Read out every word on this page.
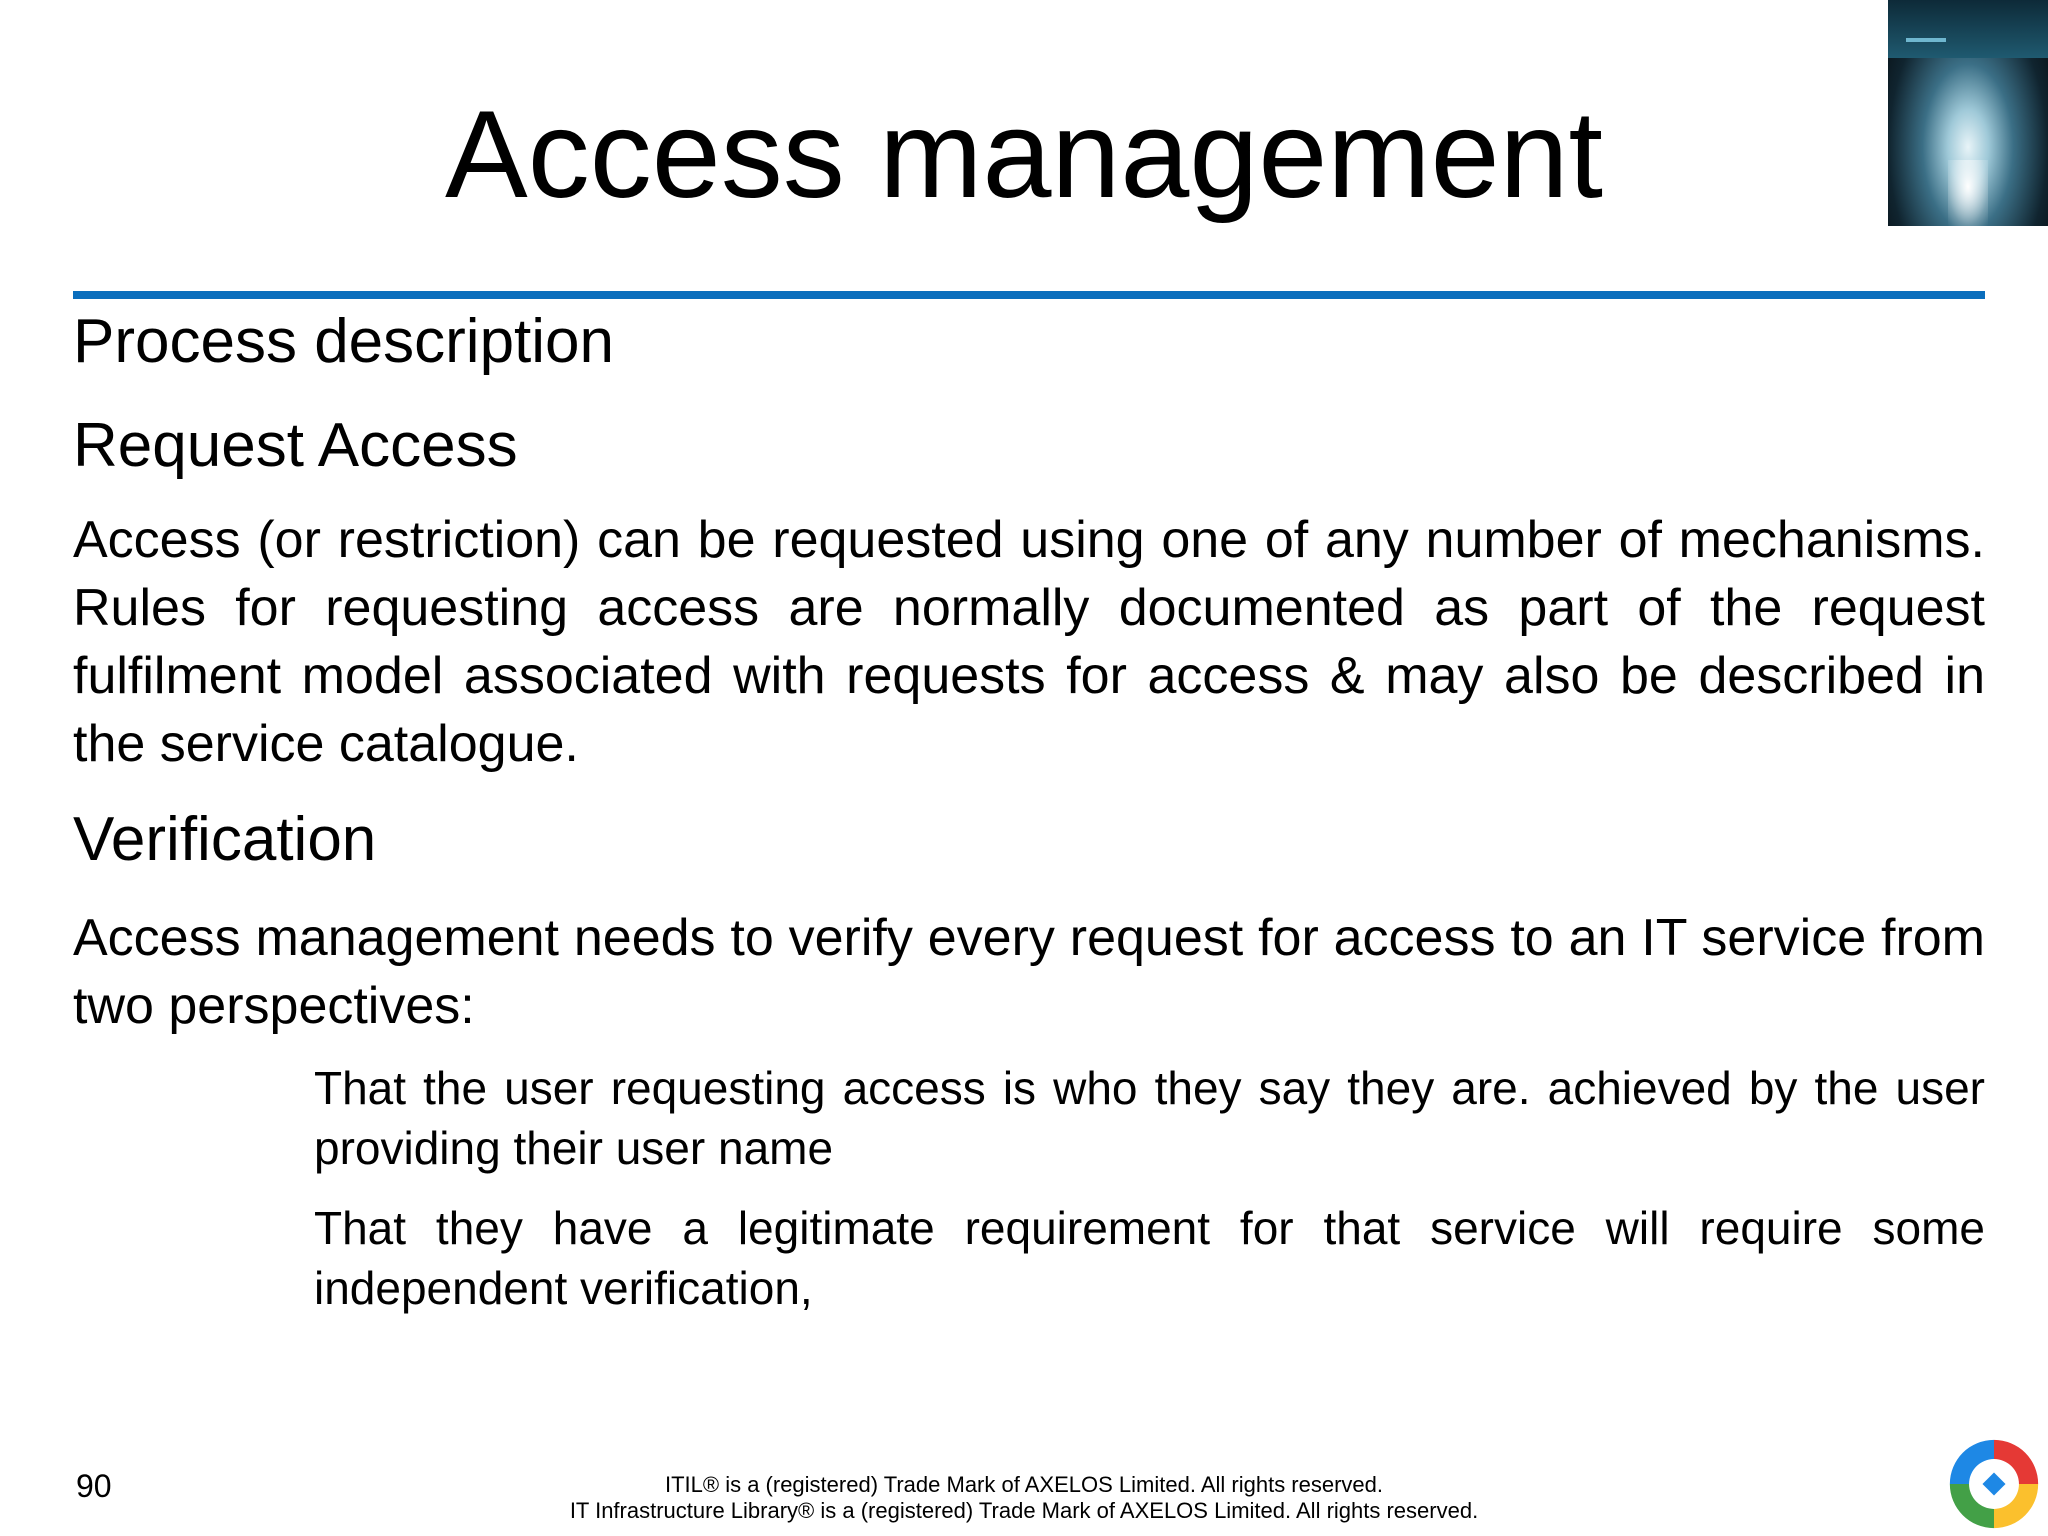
Access management
Process description
Request Access

Access (or restriction) can be requested using one of any number of mechanisms. Rules for requesting access are normally documented as part of the request fulfilment model associated with requests for access & may also be described in the service catalogue.

Verification

Access management needs to verify every request for access to an IT service from two perspectives:

That the user requesting access is who they say they are. achieved by the user providing their user name

That they have a legitimate requirement for that service will require some independent verification,

90	ITIL® is a (registered) Trade Mark of AXELOS Limited. All rights reserved.
IT Infrastructure Library® is a (registered) Trade Mark of AXELOS Limited. All rights reserved.
